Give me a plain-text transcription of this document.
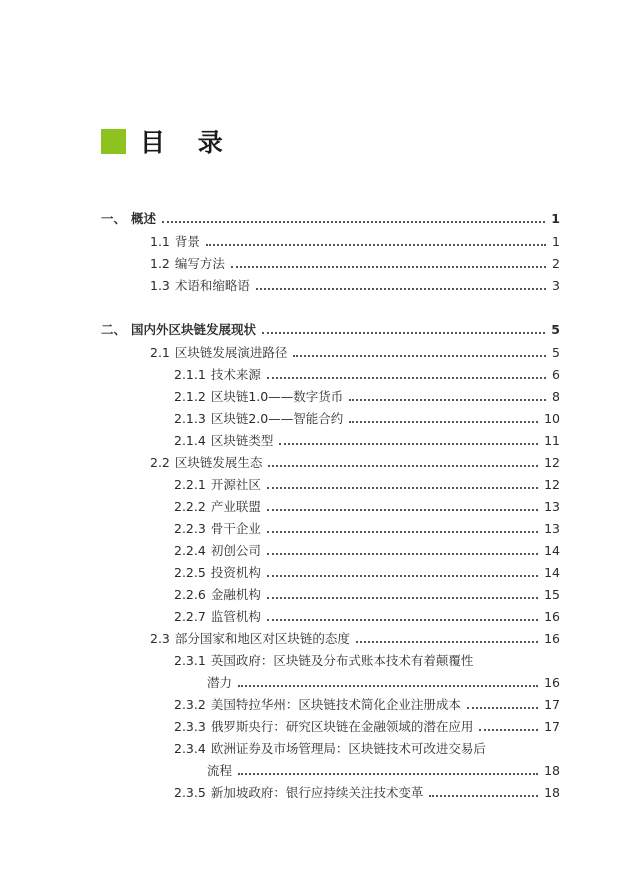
目 录
一、 概述	1
1.1 背景	1
1.2 编写方法	2
1.3 术语和缩略语	3
二、 国内外区块链发展现状	5
2.1 区块链发展演进路径	5
2.1.1 技术来源	6
2.1.2 区块链1.0——数字货币	8
2.1.3 区块链2.0——智能合约	10
2.1.4 区块链类型	11
2.2 区块链发展生态	12
2.2.1 开源社区	12
2.2.2 产业联盟	13
2.2.3 骨干企业	13
2.2.4 初创公司	14
2.2.5 投资机构	14
2.2.6 金融机构	15
2.2.7 监管机构	16
2.3 部分国家和地区对区块链的态度	16
2.3.1 英国政府：区块链及分布式账本技术有着颠覆性
潜力	16
2.3.2 美国特拉华州：区块链技术简化企业注册成本	17
2.3.3 俄罗斯央行：研究区块链在金融领域的潜在应用	17
2.3.4 欧洲证券及市场管理局：区块链技术可改进交易后
流程	18
2.3.5 新加坡政府：银行应持续关注技术变革	18
